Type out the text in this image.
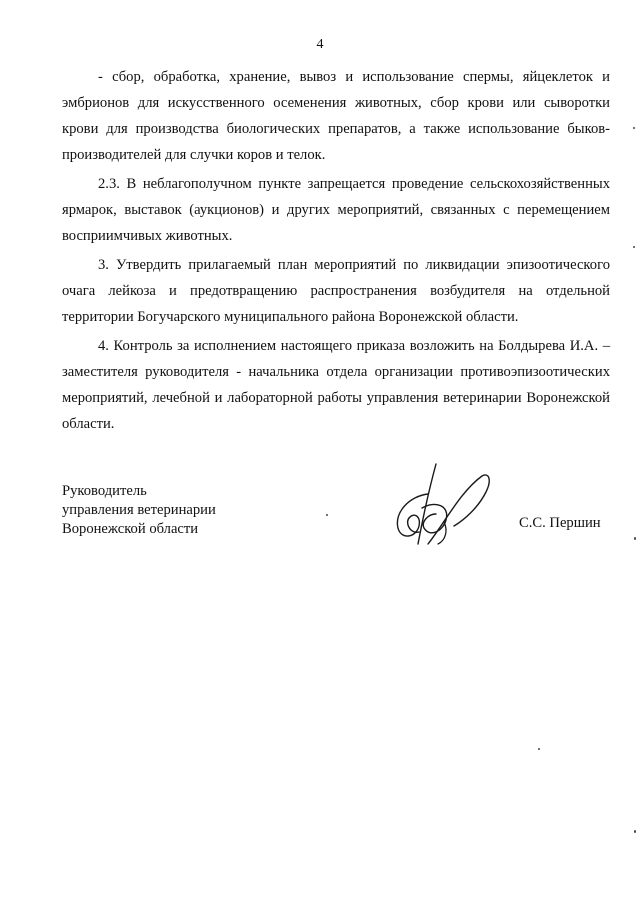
4

- сбор, обработка, хранение, вывоз и использование спермы, яйцеклеток и эмбрионов для искусственного осеменения животных, сбор крови или сыворотки крови для производства биологических препаратов, а также использование быков-производителей для случки коров и телок.

2.3. В неблагополучном пункте запрещается проведение сельскохозяйственных ярмарок, выставок (аукционов) и других мероприятий, связанных с перемещением восприимчивых животных.

3. Утвердить прилагаемый план мероприятий по ликвидации эпизоотического очага лейкоза и предотвращению распространения возбудителя на отдельной территории Богучарского муниципального района Воронежской области.

4. Контроль за исполнением настоящего приказа возложить на Болдырева И.А. – заместителя руководителя - начальника отдела организации противоэпизоотических мероприятий, лечебной и лабораторной работы управления ветеринарии Воронежской области.

Руководитель
управления ветеринарии
Воронежской области	С.С. Першин
